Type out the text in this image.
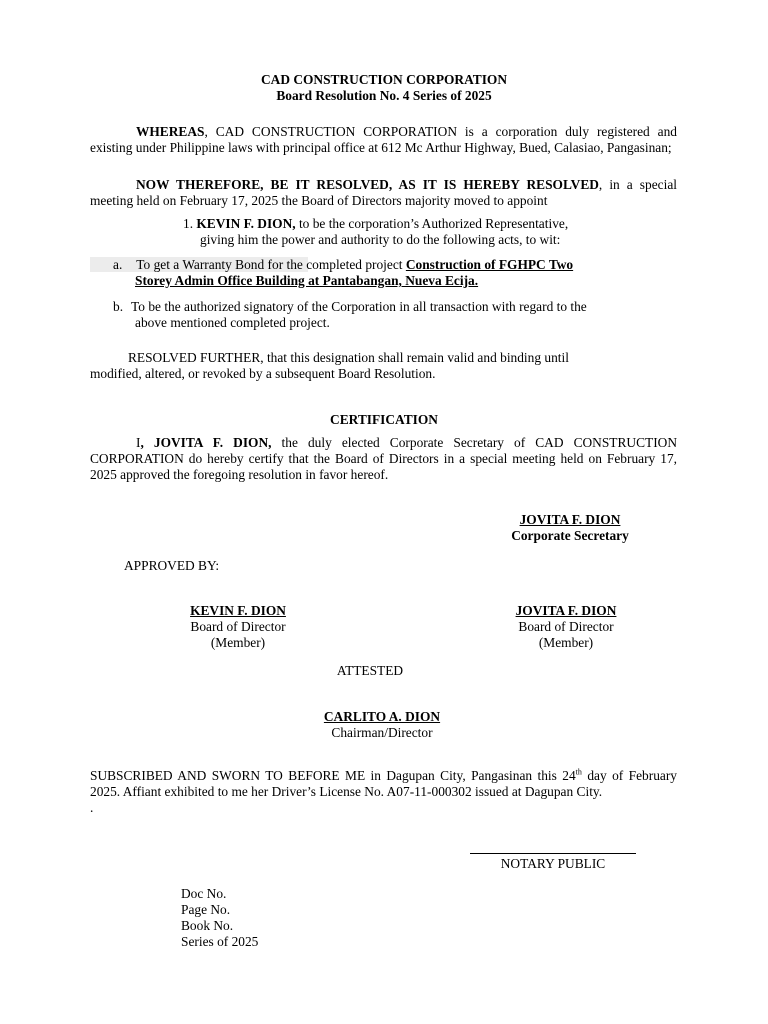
CAD CONSTRUCTION CORPORATION

Board Resolution No. 4 Series of 2025

WHEREAS, CAD CONSTRUCTION CORPORATION is a corporation duly registered and existing under Philippine laws with principal office at 612 Mc Arthur Highway, Bued, Calasiao, Pangasinan;

NOW THEREFORE, BE IT RESOLVED, AS IT IS HEREBY RESOLVED, in a special meeting held on February 17, 2025 the Board of Directors majority moved to appoint

1. KEVIN F. DION, to be the corporation’s Authorized Representative,

giving him the power and authority to do the following acts, to wit:

a. To get a Warranty Bond for the completed project Construction of FGHPC Two

Storey Admin Office Building at Pantabangan, Nueva Ecija.

b. To be the authorized signatory of the Corporation in all transaction with regard to the

above mentioned completed project.

RESOLVED FURTHER, that this designation shall remain valid and binding until

modified, altered, or revoked by a subsequent Board Resolution.

CERTIFICATION

I, JOVITA F. DION, the duly elected Corporate Secretary of CAD CONSTRUCTION CORPORATION do hereby certify that the Board of Directors in a special meeting held on February 17, 2025 approved the foregoing resolution in favor hereof.

JOVITA F. DION

Corporate Secretary

APPROVED BY:

KEVIN F. DION

Board of Director

(Member)

JOVITA F. DION

Board of Director

(Member)

ATTESTED

CARLITO A. DION

Chairman/Director

SUBSCRIBED AND SWORN TO BEFORE ME in Dagupan City, Pangasinan this 24th day of February 2025. Affiant exhibited to me her Driver’s License No. A07-11-000302 issued at Dagupan City.

.

NOTARY PUBLIC

Doc No.

Page No.

Book No.

Series of 2025
